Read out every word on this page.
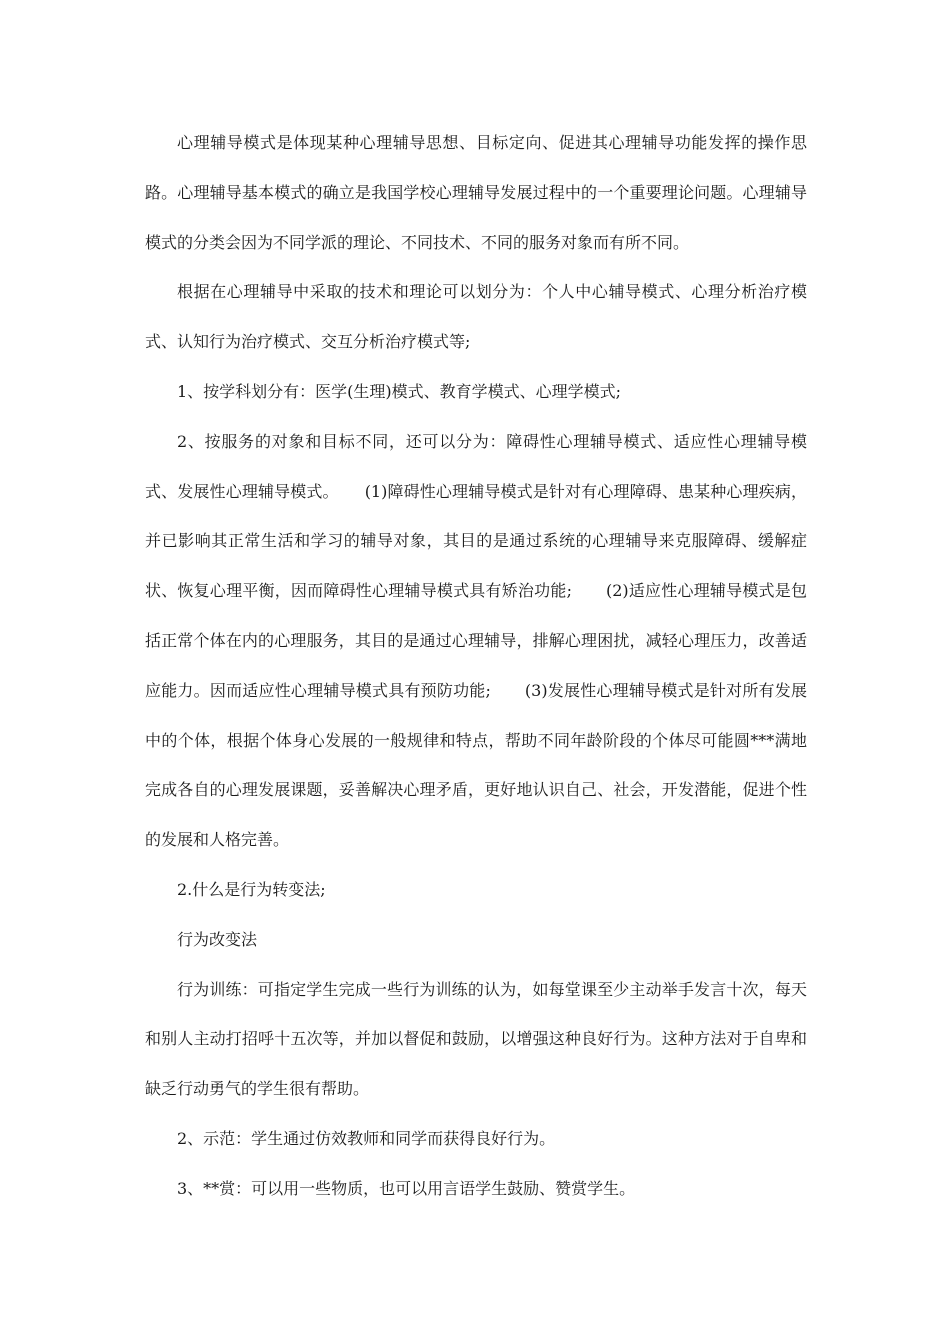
心理辅导模式是体现某种心理辅导思想、目标定向、促进其心理辅导功能发挥的操作思路。心理辅导基本模式的确立是我国学校心理辅导发展过程中的一个重要理论问题。心理辅导模式的分类会因为不同学派的理论、不同技术、不同的服务对象而有所不同。

根据在心理辅导中采取的技术和理论可以划分为：个人中心辅导模式、心理分析治疗模式、认知行为治疗模式、交互分析治疗模式等;

1、按学科划分有：医学(生理)模式、教育学模式、心理学模式;

2、按服务的对象和目标不同，还可以分为：障碍性心理辅导模式、适应性心理辅导模式、发展性心理辅导模式。 (1)障碍性心理辅导模式是针对有心理障碍、患某种心理疾病，并已影响其正常生活和学习的辅导对象，其目的是通过系统的心理辅导来克服障碍、缓解症状、恢复心理平衡，因而障碍性心理辅导模式具有矫治功能; (2)适应性心理辅导模式是包括正常个体在内的心理服务，其目的是通过心理辅导，排解心理困扰，减轻心理压力，改善适应能力。因而适应性心理辅导模式具有预防功能; (3)发展性心理辅导模式是针对所有发展中的个体，根据个体身心发展的一般规律和特点，帮助不同年龄阶段的个体尽可能圆***满地完成各自的心理发展课题，妥善解决心理矛盾，更好地认识自己、社会，开发潜能，促进个性的发展和人格完善。

2.什么是行为转变法;

行为改变法

行为训练：可指定学生完成一些行为训练的认为，如每堂课至少主动举手发言十次，每天和别人主动打招呼十五次等，并加以督促和鼓励，以增强这种良好行为。这种方法对于自卑和缺乏行动勇气的学生很有帮助。

2、示范：学生通过仿效教师和同学而获得良好行为。

3、**赏：可以用一些物质，也可以用言语学生鼓励、赞赏学生。
